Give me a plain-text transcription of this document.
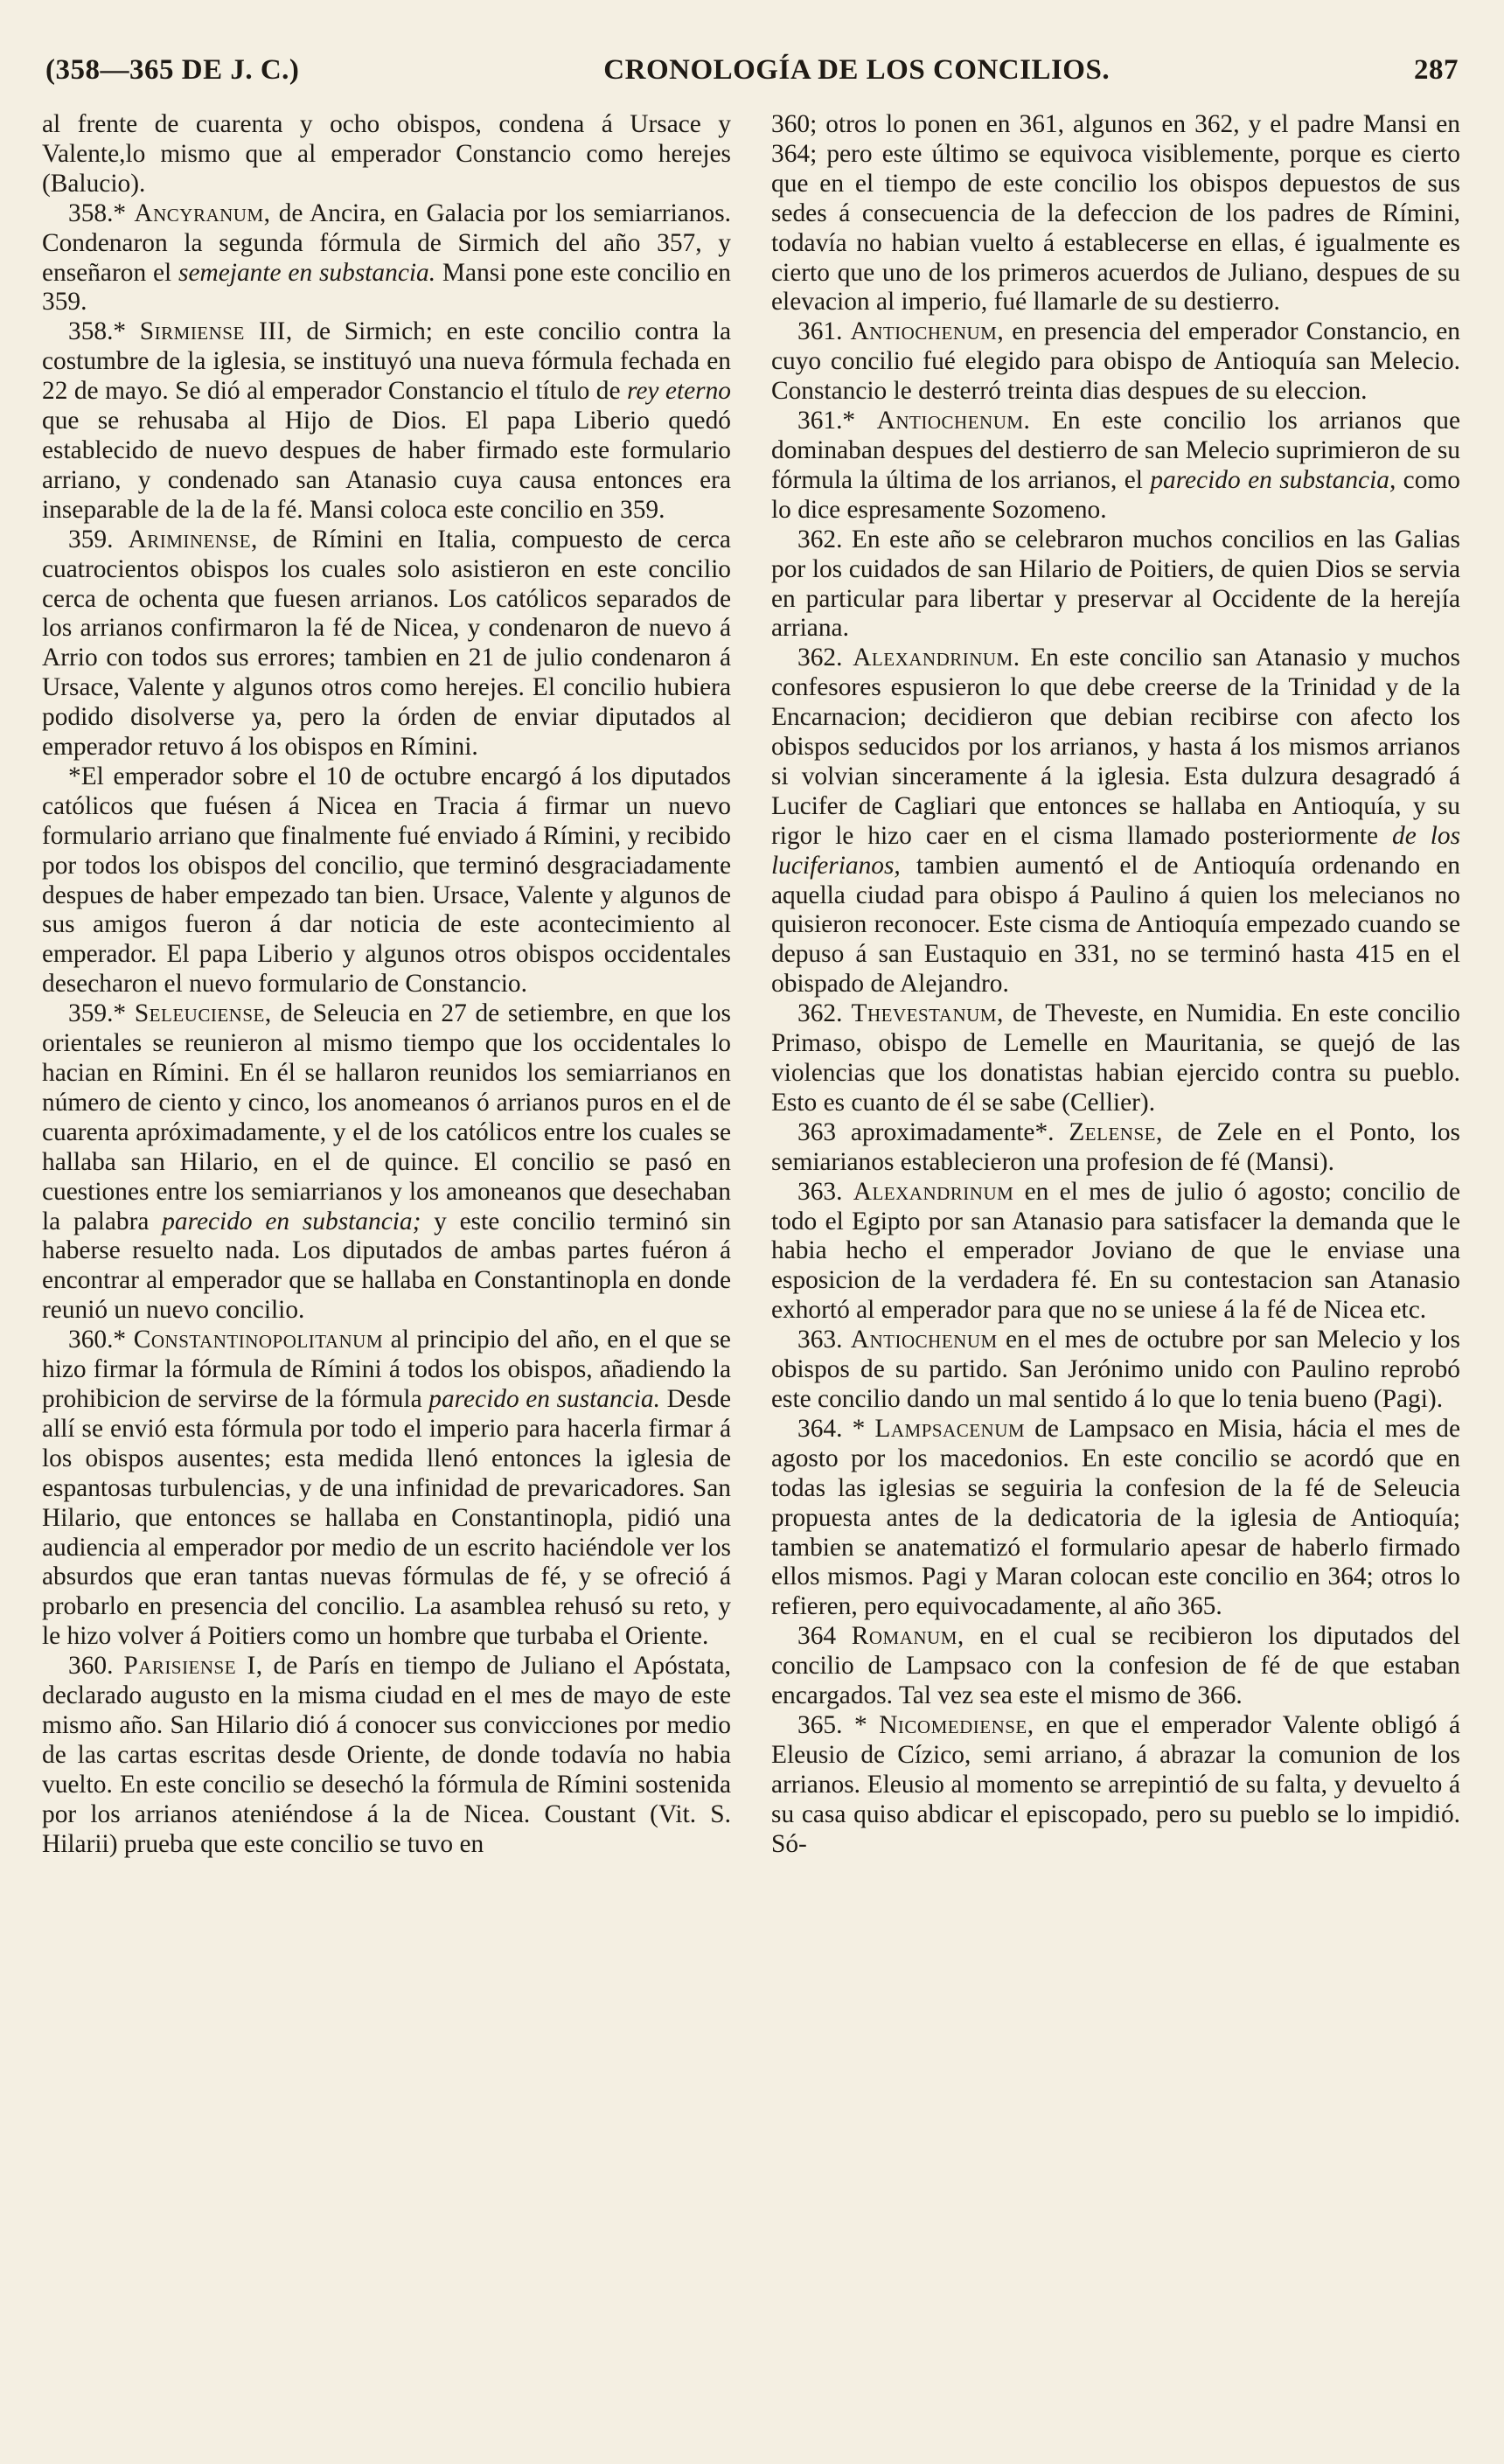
(358—365 DE J. C.)	CRONOLOGÍA DE LOS CONCILIOS.	287

al frente de cuarenta y ocho obispos, condena á Ursace y Valente,lo mismo que al emperador Constancio como herejes (Balucio).

358.* Ancyranum, de Ancira, en Galacia por los semiarrianos. Condenaron la segunda fórmula de Sirmich del año 357, y enseñaron el semejante en substancia. Mansi pone este concilio en 359.

358.* Sirmiense III, de Sirmich; en este concilio contra la costumbre de la iglesia, se instituyó una nueva fórmula fechada en 22 de mayo. Se dió al emperador Constancio el título de rey eterno que se rehusaba al Hijo de Dios. El papa Liberio quedó establecido de nuevo despues de haber firmado este formulario arriano, y condenado san Atanasio cuya causa entonces era inseparable de la de la fé. Mansi coloca este concilio en 359.

359. Ariminense, de Rímini en Italia, compuesto de cerca cuatrocientos obispos los cuales solo asistieron en este concilio cerca de ochenta que fuesen arrianos. Los católicos separados de los arrianos confirmaron la fé de Nicea, y condenaron de nuevo á Arrio con todos sus errores; tambien en 21 de julio condenaron á Ursace, Valente y algunos otros como herejes. El concilio hubiera podido disolverse ya, pero la órden de enviar diputados al emperador retuvo á los obispos en Rímini.

*El emperador sobre el 10 de octubre encargó á los diputados católicos que fuésen á Nicea en Tracia á firmar un nuevo formulario arriano que finalmente fué enviado á Rímini, y recibido por todos los obispos del concilio, que terminó desgraciadamente despues de haber empezado tan bien. Ursace, Valente y algunos de sus amigos fueron á dar noticia de este acontecimiento al emperador. El papa Liberio y algunos otros obispos occidentales desecharon el nuevo formulario de Constancio.

359.* Seleuciense, de Seleucia en 27 de setiembre, en que los orientales se reunieron al mismo tiempo que los occidentales lo hacian en Rímini. En él se hallaron reunidos los semiarrianos en número de ciento y cinco, los anomeanos ó arrianos puros en el de cuarenta apróximadamente, y el de los católicos entre los cuales se hallaba san Hilario, en el de quince. El concilio se pasó en cuestiones entre los semiarrianos y los amoneanos que desechaban la palabra parecido en substancia; y este concilio terminó sin haberse resuelto nada. Los diputados de ambas partes fuéron á encontrar al emperador que se hallaba en Constantinopla en donde reunió un nuevo concilio.

360.* Constantinopolitanum al principio del año, en el que se hizo firmar la fórmula de Rímini á todos los obispos, añadiendo la prohibicion de servirse de la fórmula parecido en sustancia. Desde allí se envió esta fórmula por todo el imperio para hacerla firmar á los obispos ausentes; esta medida llenó entonces la iglesia de espantosas turbulencias, y de una infinidad de prevaricadores. San Hilario, que entonces se hallaba en Constantinopla, pidió una audiencia al emperador por medio de un escrito haciéndole ver los absurdos que eran tantas nuevas fórmulas de fé, y se ofreció á probarlo en presencia del concilio. La asamblea rehusó su reto, y le hizo volver á Poitiers como un hombre que turbaba el Oriente.

360. Parisiense I, de París en tiempo de Juliano el Apóstata, declarado augusto en la misma ciudad en el mes de mayo de este mismo año. San Hilario dió á conocer sus convicciones por medio de las cartas escritas desde Oriente, de donde todavía no habia vuelto. En este concilio se desechó la fórmula de Rímini sostenida por los arrianos ateniéndose á la de Nicea. Coustant (Vit. S. Hilarii) prueba que este concilio se tuvo en

360; otros lo ponen en 361, algunos en 362, y el padre Mansi en 364; pero este último se equivoca visiblemente, porque es cierto que en el tiempo de este concilio los obispos depuestos de sus sedes á consecuencia de la defeccion de los padres de Rímini, todavía no habian vuelto á establecerse en ellas, é igualmente es cierto que uno de los primeros acuerdos de Juliano, despues de su elevacion al imperio, fué llamarle de su destierro.

361. Antiochenum, en presencia del emperador Constancio, en cuyo concilio fué elegido para obispo de Antioquía san Melecio. Constancio le desterró treinta dias despues de su eleccion.

361.* Antiochenum. En este concilio los arrianos que dominaban despues del destierro de san Melecio suprimieron de su fórmula la última de los arrianos, el parecido en substancia, como lo dice espresamente Sozomeno.

362. En este año se celebraron muchos concilios en las Galias por los cuidados de san Hilario de Poitiers, de quien Dios se servia en particular para libertar y preservar al Occidente de la herejía arriana.

362. Alexandrinum. En este concilio san Atanasio y muchos confesores espusieron lo que debe creerse de la Trinidad y de la Encarnacion; decidieron que debian recibirse con afecto los obispos seducidos por los arrianos, y hasta á los mismos arrianos si volvian sinceramente á la iglesia. Esta dulzura desagradó á Lucifer de Cagliari que entonces se hallaba en Antioquía, y su rigor le hizo caer en el cisma llamado posteriormente de los luciferianos, tambien aumentó el de Antioquía ordenando en aquella ciudad para obispo á Paulino á quien los melecianos no quisieron reconocer. Este cisma de Antioquía empezado cuando se depuso á san Eustaquio en 331, no se terminó hasta 415 en el obispado de Alejandro.

362. Thevestanum, de Theveste, en Numidia. En este concilio Primaso, obispo de Lemelle en Mauritania, se quejó de las violencias que los donatistas habian ejercido contra su pueblo. Esto es cuanto de él se sabe (Cellier).

363 aproximadamente*. Zelense, de Zele en el Ponto, los semiarianos establecieron una profesion de fé (Mansi).

363. Alexandrinum en el mes de julio ó agosto; concilio de todo el Egipto por san Atanasio para satisfacer la demanda que le habia hecho el emperador Joviano de que le enviase una esposicion de la verdadera fé. En su contestacion san Atanasio exhortó al emperador para que no se uniese á la fé de Nicea etc.

363. Antiochenum en el mes de octubre por san Melecio y los obispos de su partido. San Jerónimo unido con Paulino reprobó este concilio dando un mal sentido á lo que lo tenia bueno (Pagi).

364. * Lampsacenum de Lampsaco en Misia, hácia el mes de agosto por los macedonios. En este concilio se acordó que en todas las iglesias se seguiria la confesion de la fé de Seleucia propuesta antes de la dedicatoria de la iglesia de Antioquía; tambien se anatematizó el formulario apesar de haberlo firmado ellos mismos. Pagi y Maran colocan este concilio en 364; otros lo refieren, pero equivocadamente, al año 365.

364 Romanum, en el cual se recibieron los diputados del concilio de Lampsaco con la confesion de fé de que estaban encargados. Tal vez sea este el mismo de 366.

365. * Nicomediense, en que el emperador Valente obligó á Eleusio de Cízico, semi arriano, á abrazar la comunion de los arrianos. Eleusio al momento se arrepintió de su falta, y devuelto á su casa quiso abdicar el episcopado, pero su pueblo se lo impidió. Só-
